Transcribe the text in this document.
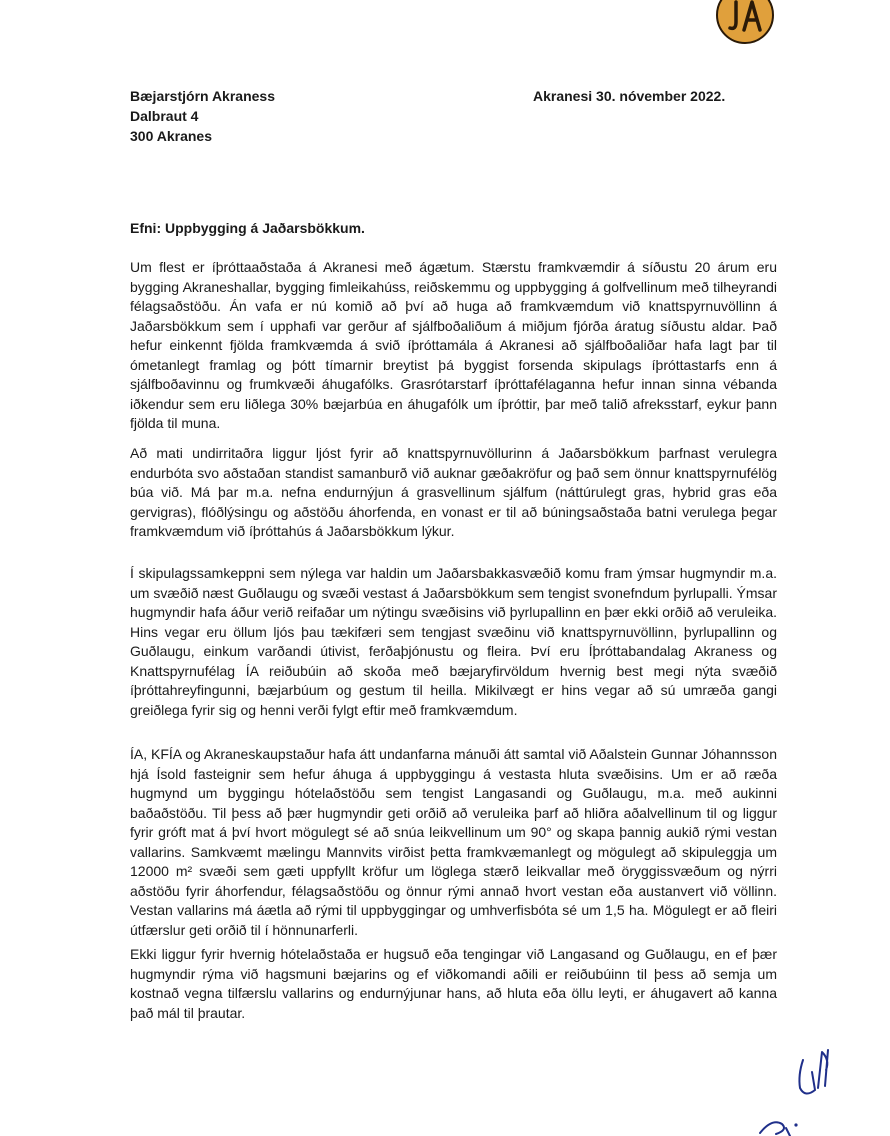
Bæjarstjórn Akraness
Dalbraut 4
300 Akranes
Akranesi 30. nóvember 2022.
Efni: Uppbygging á Jaðarsbökkum.

Um flest er íþróttaaðstaða á Akranesi með ágætum. Stærstu framkvæmdir á síðustu 20 árum eru bygging Akraneshallar, bygging fimleikahúss, reiðskemmu og uppbygging á golfvellinum með tilheyrandi félagsaðstöðu. Án vafa er nú komið að því að huga að framkvæmdum við knattspyrnuvöllinn á Jaðarsbökkum sem í upphafi var gerður af sjálfboðaliðum á miðjum fjórða áratug síðustu aldar. Það hefur einkennt fjölda framkvæmda á svið íþróttamála á Akranesi að sjálfboðaliðar hafa lagt þar til ómetanlegt framlag og þótt tímarnir breytist þá byggist forsenda skipulags íþróttastarfs enn á sjálfboðavinnu og frumkvæði áhugafólks. Grasrótarstarf íþróttafélaganna hefur innan sinna vébanda iðkendur sem eru liðlega 30% bæjarbúa en áhugafólk um íþróttir, þar með talið afreksstarf, eykur þann fjölda til muna.

Að mati undirritaðra liggur ljóst fyrir að knattspyrnuvöllurinn á Jaðarsbökkum þarfnast verulegra endurbóta svo aðstaðan standist samanburð við auknar gæðakröfur og það sem önnur knattspyrnufélög búa við. Má þar m.a. nefna endurnýjun á grasvellinum sjálfum (náttúrulegt gras, hybrid gras eða gervigras), flóðlýsingu og aðstöðu áhorfenda, en vonast er til að búningsaðstaða batni verulega þegar framkvæmdum við íþróttahús á Jaðarsbökkum lýkur.

Í skipulagssamkeppni sem nýlega var haldin um Jaðarsbakkasvæðið komu fram ýmsar hugmyndir m.a. um svæðið næst Guðlaugu og svæði vestast á Jaðarsbökkum sem tengist svonefndum þyrlupalli. Ýmsar hugmyndir hafa áður verið reifaðar um nýtingu svæðisins við þyrlupallinn en þær ekki orðið að veruleika. Hins vegar eru öllum ljós þau tækifæri sem tengjast svæðinu við knattspyrnuvöllinn, þyrlupallinn og Guðlaugu, einkum varðandi útivist, ferðaþjónustu og fleira. Því eru Íþróttabandalag Akraness og Knattspyrnufélag ÍA reiðubúin að skoða með bæjaryfirvöldum hvernig best megi nýta svæðið íþróttahreyfingunni, bæjarbúum og gestum til heilla. Mikilvægt er hins vegar að sú umræða gangi greiðlega fyrir sig og henni verði fylgt eftir með framkvæmdum.

ÍA, KFÍA og Akraneskaupstaður hafa átt undanfarna mánuði átt samtal við Aðalstein Gunnar Jóhannsson hjá Ísold fasteignir sem hefur áhuga á uppbyggingu á vestasta hluta svæðisins. Um er að ræða hugmynd um byggingu hótelaðstöðu sem tengist Langasandi og Guðlaugu, m.a. með aukinni baðaðstöðu. Til þess að þær hugmyndir geti orðið að veruleika þarf að hliðra aðalvellinum til og liggur fyrir gróft mat á því hvort mögulegt sé að snúa leikvellinum um 90° og skapa þannig aukið rými vestan vallarins. Samkvæmt mælingu Mannvits virðist þetta framkvæmanlegt og mögulegt að skipuleggja um 12000 m² svæði sem gæti uppfyllt kröfur um löglega stærð leikvallar með öryggissvæðum og nýrri aðstöðu fyrir áhorfendur, félagsaðstöðu og önnur rými annað hvort vestan eða austanvert við völlinn. Vestan vallarins má áætla að rými til uppbyggingar og umhverfisbóta sé um 1,5 ha. Mögulegt er að fleiri útfærslur geti orðið til í hönnunarferli.

Ekki liggur fyrir hvernig hótelaðstaða er hugsuð eða tengingar við Langasand og Guðlaugu, en ef þær hugmyndir rýma við hagsmuni bæjarins og ef viðkomandi aðili er reiðubúinn til þess að semja um kostnað vegna tilfærslu vallarins og endurnýjunar hans, að hluta eða öllu leyti, er áhugavert að kanna það mál til þrautar.
